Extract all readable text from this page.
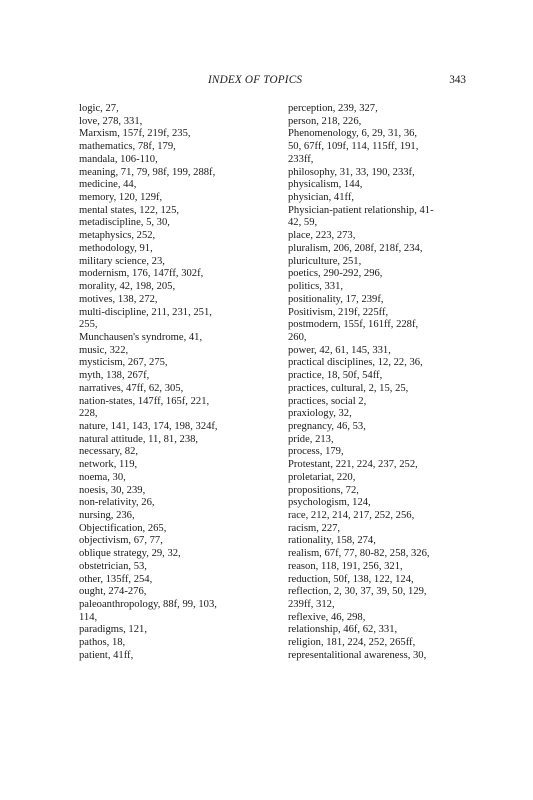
INDEX OF TOPICS	343
logic, 27,
love, 278, 331,
Marxism, 157f, 219f, 235,
mathematics, 78f, 179,
mandala, 106-110,
meaning, 71, 79, 98f, 199, 288f,
medicine, 44,
memory, 120, 129f,
mental states, 122, 125,
metadiscipline, 5, 30,
metaphysics, 252,
methodology, 91,
military science, 23,
modernism, 176, 147ff, 302f,
morality, 42, 198, 205,
motives, 138, 272,
multi-discipline, 211, 231, 251,
255,
Munchausen's syndrome, 41,
music, 322,
mysticism, 267, 275,
myth, 138, 267f,
narratives, 47ff, 62, 305,
nation-states, 147ff, 165f, 221,
228,
nature, 141, 143, 174, 198, 324f,
natural attitude, 11, 81, 238,
necessary, 82,
network, 119,
noema, 30,
noesis, 30, 239,
non-relativity, 26,
nursing, 236,
Objectification, 265,
objectivism, 67, 77,
oblique strategy, 29, 32,
obstetrician, 53,
other, 135ff, 254,
ought, 274-276,
paleoanthropology, 88f, 99, 103,
114,
paradigms, 121,
pathos, 18,
patient, 41ff,
perception, 239, 327,
person, 218, 226,
Phenomenology, 6, 29, 31, 36,
50, 67ff, 109f, 114, 115ff, 191,
233ff,
philosophy, 31, 33, 190, 233f,
physicalism, 144,
physician, 41ff,
Physician-patient relationship, 41-
42, 59,
place, 223, 273,
pluralism, 206, 208f, 218f, 234,
pluriculture, 251,
poetics, 290-292, 296,
politics, 331,
positionality, 17, 239f,
Positivism, 219f, 225ff,
postmodern, 155f, 161ff, 228f,
260,
power, 42, 61, 145, 331,
practical disciplines, 12, 22, 36,
practice, 18, 50f, 54ff,
practices, cultural, 2, 15, 25,
practices, social 2,
praxiology, 32,
pregnancy, 46, 53,
pride, 213,
process, 179,
Protestant, 221, 224, 237, 252,
proletariat, 220,
propositions, 72,
psychologism, 124,
race, 212, 214, 217, 252, 256,
racism, 227,
rationality, 158, 274,
realism, 67f, 77, 80-82, 258, 326,
reason, 118, 191, 256, 321,
reduction, 50f, 138, 122, 124,
reflection, 2, 30, 37, 39, 50, 129,
239ff, 312,
reflexive, 46, 298,
relationship, 46f, 62, 331,
religion, 181, 224, 252, 265ff,
representalitional awareness, 30,
